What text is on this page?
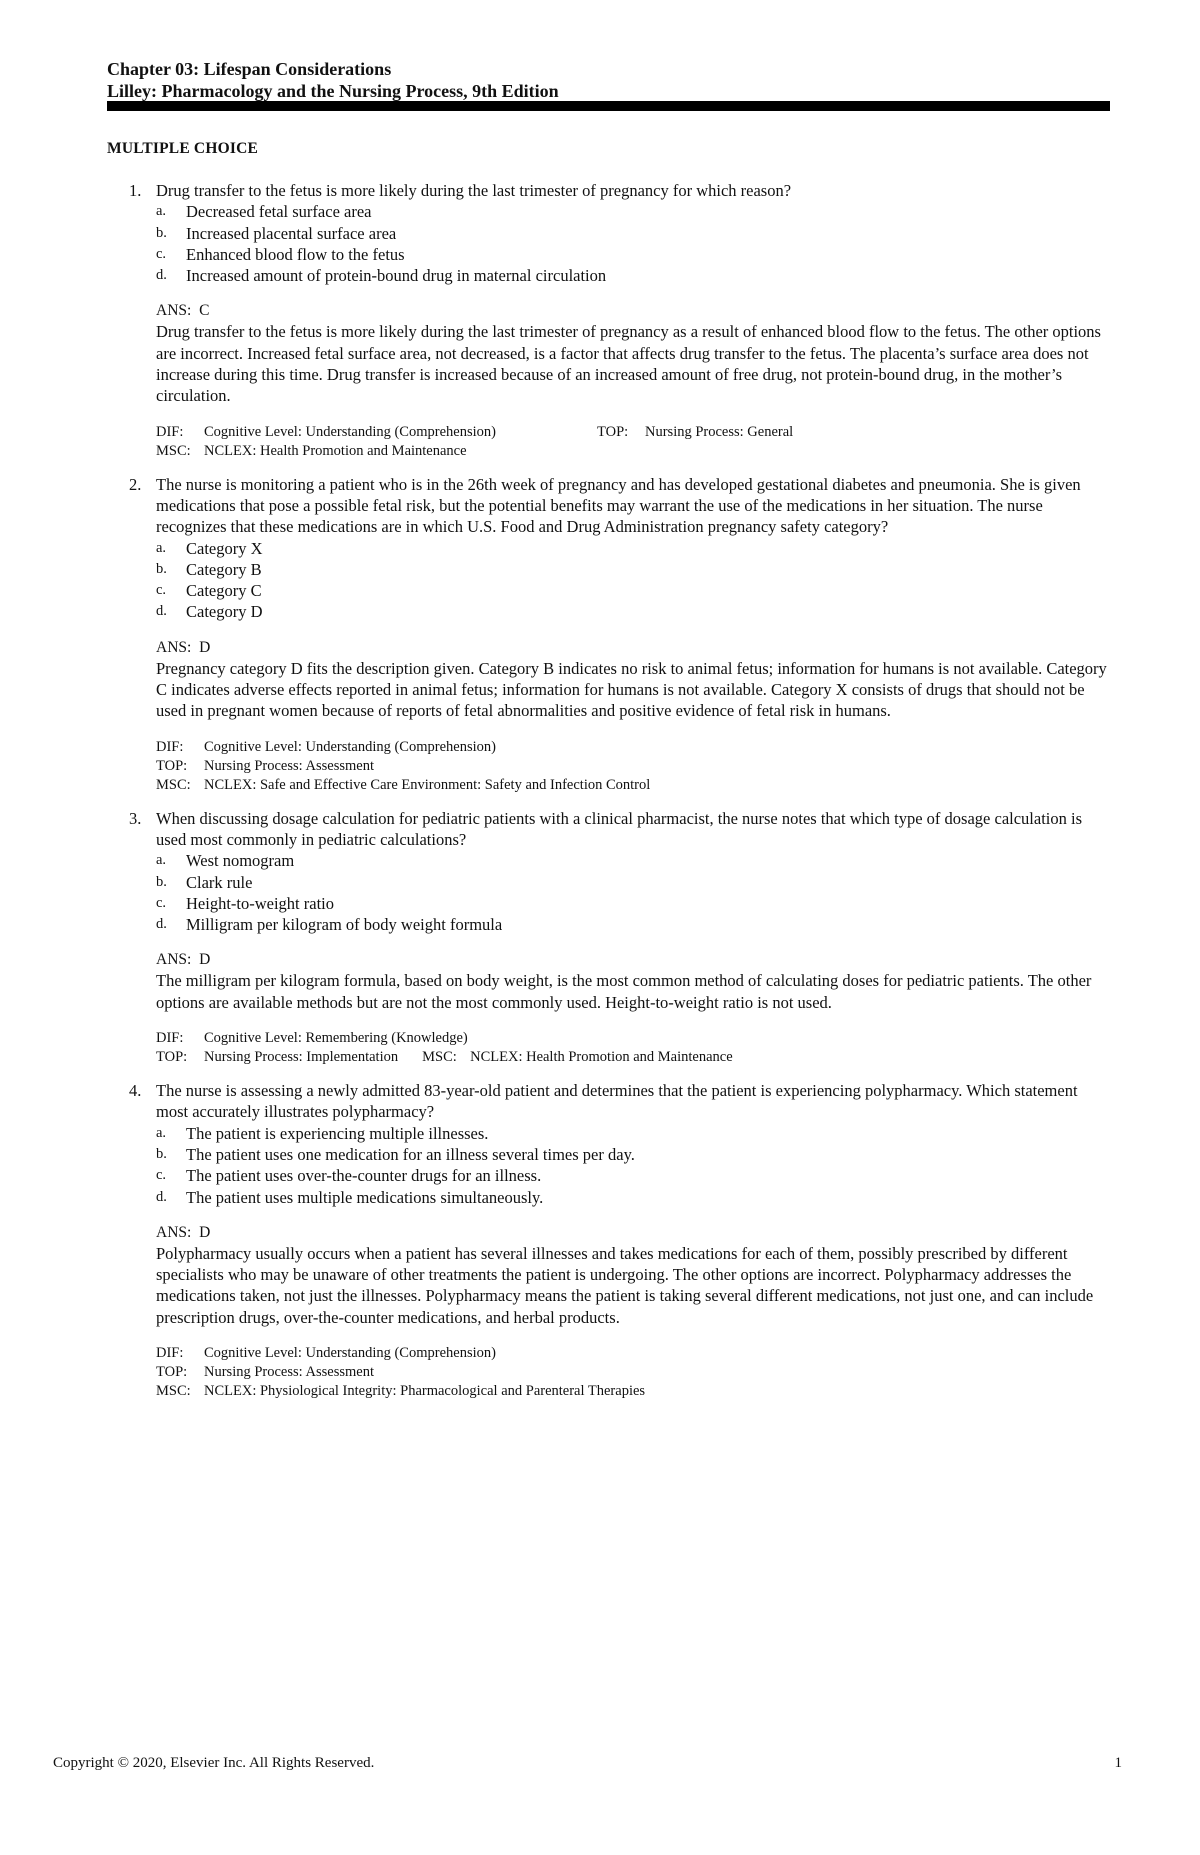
Chapter 03: Lifespan Considerations
Lilley: Pharmacology and the Nursing Process, 9th Edition
MULTIPLE CHOICE
1. Drug transfer to the fetus is more likely during the last trimester of pregnancy for which reason?
a. Decreased fetal surface area
b. Increased placental surface area
c. Enhanced blood flow to the fetus
d. Increased amount of protein-bound drug in maternal circulation
ANS: C
Drug transfer to the fetus is more likely during the last trimester of pregnancy as a result of enhanced blood flow to the fetus. The other options are incorrect. Increased fetal surface area, not decreased, is a factor that affects drug transfer to the fetus. The placenta’s surface area does not increase during this time. Drug transfer is increased because of an increased amount of free drug, not protein-bound drug, in the mother’s circulation.
DIF: Cognitive Level: Understanding (Comprehension)	TOP: Nursing Process: General
MSC: NCLEX: Health Promotion and Maintenance
2. The nurse is monitoring a patient who is in the 26th week of pregnancy and has developed gestational diabetes and pneumonia. She is given medications that pose a possible fetal risk, but the potential benefits may warrant the use of the medications in her situation. The nurse recognizes that these medications are in which U.S. Food and Drug Administration pregnancy safety category?
a. Category X
b. Category B
c. Category C
d. Category D
ANS: D
Pregnancy category D fits the description given. Category B indicates no risk to animal fetus; information for humans is not available. Category C indicates adverse effects reported in animal fetus; information for humans is not available. Category X consists of drugs that should not be used in pregnant women because of reports of fetal abnormalities and positive evidence of fetal risk in humans.
DIF: Cognitive Level: Understanding (Comprehension)
TOP: Nursing Process: Assessment
MSC: NCLEX: Safe and Effective Care Environment: Safety and Infection Control
3. When discussing dosage calculation for pediatric patients with a clinical pharmacist, the nurse notes that which type of dosage calculation is used most commonly in pediatric calculations?
a. West nomogram
b. Clark rule
c. Height-to-weight ratio
d. Milligram per kilogram of body weight formula
ANS: D
The milligram per kilogram formula, based on body weight, is the most common method of calculating doses for pediatric patients. The other options are available methods but are not the most commonly used. Height-to-weight ratio is not used.
DIF: Cognitive Level: Remembering (Knowledge)
TOP: Nursing Process: Implementation MSC: NCLEX: Health Promotion and Maintenance
4. The nurse is assessing a newly admitted 83-year-old patient and determines that the patient is experiencing polypharmacy. Which statement most accurately illustrates polypharmacy?
a. The patient is experiencing multiple illnesses.
b. The patient uses one medication for an illness several times per day.
c. The patient uses over-the-counter drugs for an illness.
d. The patient uses multiple medications simultaneously.
ANS: D
Polypharmacy usually occurs when a patient has several illnesses and takes medications for each of them, possibly prescribed by different specialists who may be unaware of other treatments the patient is undergoing. The other options are incorrect. Polypharmacy addresses the medications taken, not just the illnesses. Polypharmacy means the patient is taking several different medications, not just one, and can include prescription drugs, over-the-counter medications, and herbal products.
DIF: Cognitive Level: Understanding (Comprehension)
TOP: Nursing Process: Assessment
MSC: NCLEX: Physiological Integrity: Pharmacological and Parenteral Therapies
Copyright © 2020, Elsevier Inc. All Rights Reserved.	1
